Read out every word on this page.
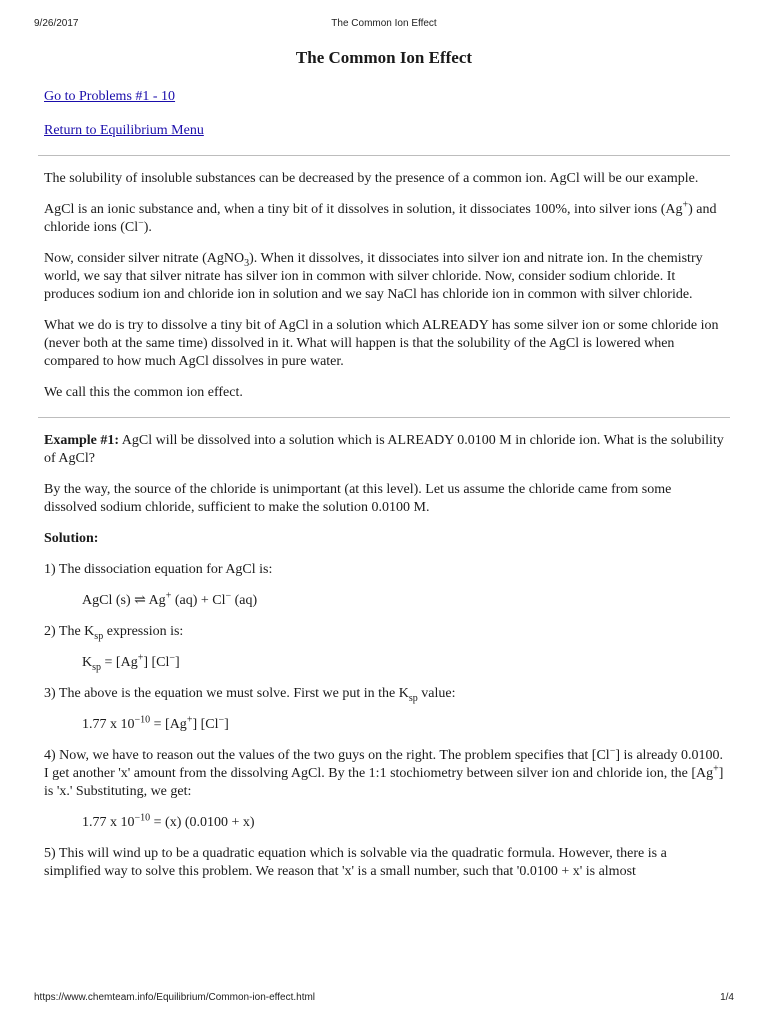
9/26/2017	The Common Ion Effect
The Common Ion Effect
Go to Problems #1 - 10
Return to Equilibrium Menu

The solubility of insoluble substances can be decreased by the presence of a common ion. AgCl will be our example.

AgCl is an ionic substance and, when a tiny bit of it dissolves in solution, it dissociates 100%, into silver ions (Ag+) and chloride ions (Cl−).

Now, consider silver nitrate (AgNO$_3$). When it dissolves, it dissociates into silver ion and nitrate ion. In the chemistry world, we say that silver nitrate has silver ion in common with silver chloride. Now, consider sodium chloride. It produces sodium ion and chloride ion in solution and we say NaCl has chloride ion in common with silver chloride.

What we do is try to dissolve a tiny bit of AgCl in a solution which ALREADY has some silver ion or some chloride ion (never both at the same time) dissolved in it. What will happen is that the solubility of the AgCl is lowered when compared to how much AgCl dissolves in pure water.

We call this the common ion effect.

Example #1: AgCl will be dissolved into a solution which is ALREADY 0.0100 M in chloride ion. What is the solubility of AgCl?

By the way, the source of the chloride is unimportant (at this level). Let us assume the chloride came from some dissolved sodium chloride, sufficient to make the solution 0.0100 M.

Solution:

1) The dissociation equation for AgCl is:

AgCl (s) ⇌ Ag+ (aq) + Cl− (aq)

2) The $K_{sp}$ expression is:

$K_{sp} = [Ag^+]$ [Cl−]

3) The above is the equation we must solve. First we put in the $K_{sp}$ value:

1.77 x $10^{-10} = [Ag^+]$ [Cl−]

4) Now, we have to reason out the values of the two guys on the right. The problem specifies that [Cl−] is already 0.0100. I get another 'x' amount from the dissolving AgCl. By the 1:1 stochiometry between silver ion and chloride ion, the [Ag+] is 'x.' Substituting, we get:

1.77 x $10^{-10} = (x) (0.0100 + x)$

5) This will wind up to be a quadratic equation which is solvable via the quadratic formula. However, there is a simplified way to solve this problem. We reason that 'x' is a small number, such that '0.0100 + x' is almost

https://www.chemteam.info/Equilibrium/Common-ion-effect.html	1/4
